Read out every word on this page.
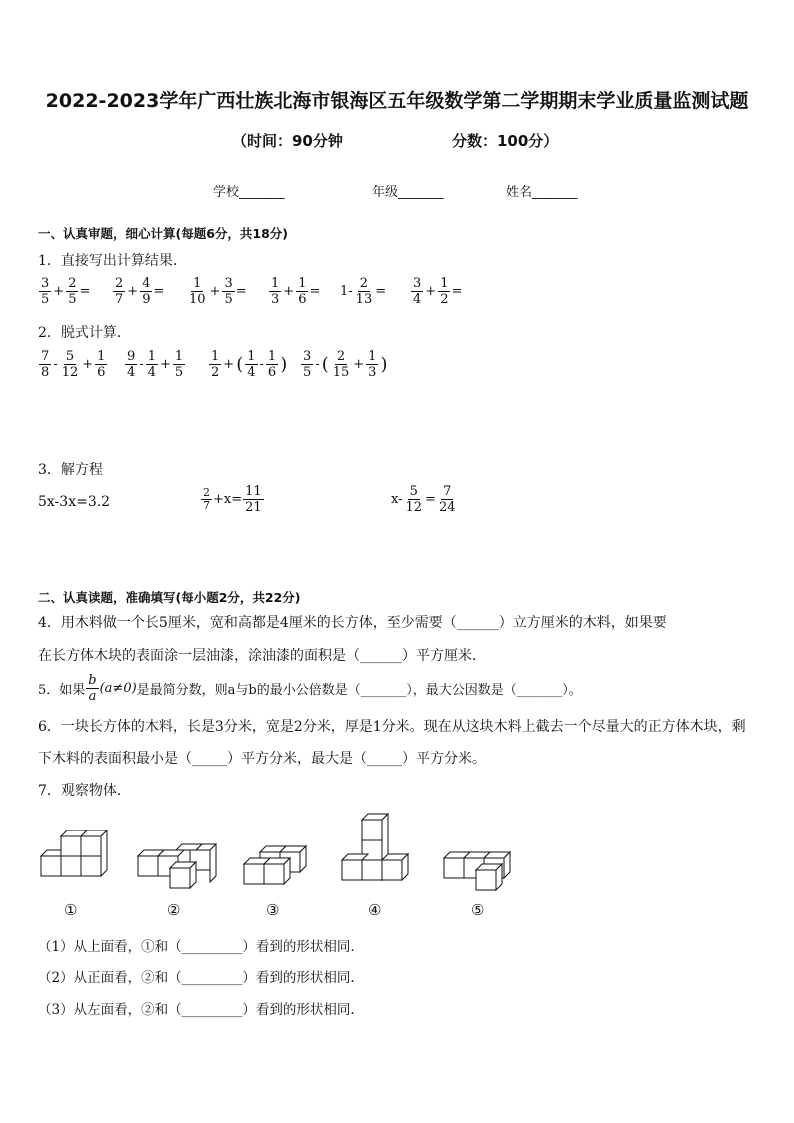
2022-2023学年广西壮族北海市银海区五年级数学第二学期期末学业质量监测试题
（时间：90分钟	分数：100分）
学校_______	年级_______	姓名_______
一、认真审题，细心计算(每题6分，共18分)
1．直接写出计算结果．
$\frac{3}{5} + \frac{2}{5} = \frac{2}{7} + \frac{4}{9} = \frac{1}{10} + \frac{3}{5} = \frac{1}{3} + \frac{1}{6} = 1- \frac{2}{13} = \frac{3}{4} + \frac{1}{2}$ =
2．脱式计算．
$\frac{7}{8} - \frac{5}{12} + \frac{1}{6} \frac{9}{4} - \frac{1}{4} + \frac{1}{5} \frac{1}{2}$ + ( $\frac{1}{4} - \frac{1}{6}$ ) $\frac{3}{5}$ - ( $\frac{2}{15} + \frac{1}{3}$ )
3．解方程
5x-3x=3.2	$\frac{2}{7} +x= \frac{11}{21}$	$x- \frac{5}{12} = \frac{7}{24}$
二、认真读题，准确填写(每小题2分，共22分)
4．用木料做一个长5厘米，宽和高都是4厘米的长方体，至少需要（______）立方厘米的木料，如果要
在长方体木块的表面涂一层油漆，涂油漆的面积是（______）平方厘米．
5．如果 $\frac{b}{a} (a\ne 0)$ 是最简分数，则a与b的最小公倍数是（_______），最大公因数是（_______）。
6．一块长方体的木料，长是3分米，宽是2分米，厚是1分米。现在从这块木料上截去一个尽量大的正方体木块，剩
下木料的表面积最小是（_____）平方分米，最大是（_____）平方分米。
7．观察物体．
①	②	③	④	⑤
（1）从上面看，①和（_________）看到的形状相同.
（2）从正面看，②和（_________）看到的形状相同.
（3）从左面看，②和（_________）看到的形状相同.
